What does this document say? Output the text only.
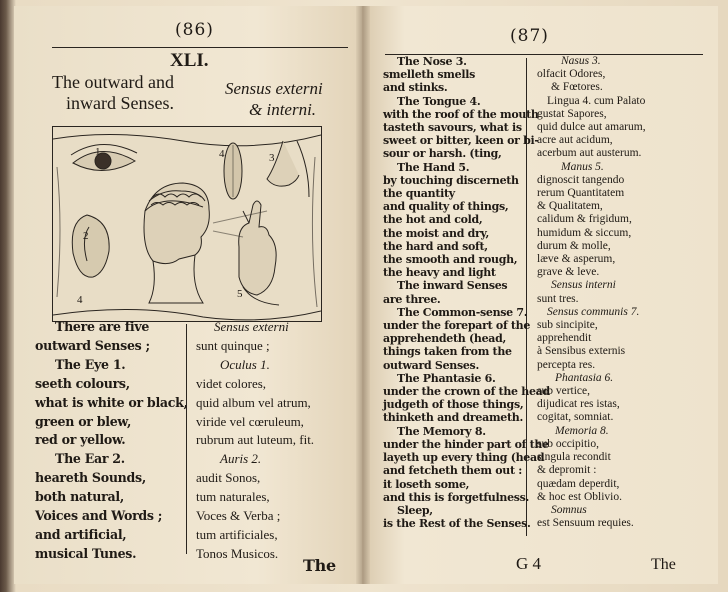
(86)
XLI.
The outward and
inward Senses.
Sensus externi
& interni.
1
2
3
4
4	5
There are five
outward Senses ;
The Eye 1.
seeth colours,
what is white or black,
green or blew,
red or yellow.
The Ear 2.
heareth Sounds,
both natural,
Voices and Words ;
and artificial,
musical Tunes.
Sensus externi
sunt quinque ;
Oculus 1.
videt colores,
quid album vel atrum,
viride vel cœruleum,
rubrum aut luteum, fit.
Auris 2.
audit Sonos,
tum naturales,
Voces & Verba ;
tum artificiales,
Tonos Musicos.
The
(87)
The Nose 3.
smelleth smells
and stinks.
The Tongue 4.
with the roof of the mouth
tasteth savours, what is
sweet or bitter, keen or bi-
sour or harsh. (ting,
The Hand 5.
by touching discerneth
the quantity
and quality of things,
the hot and cold,
the moist and dry,
the hard and soft,
the smooth and rough,
the heavy and light
The inward Senses
are three.
The Common-sense 7.
under the forepart of the
apprehendeth (head,
things taken from the
outward Senses.
The Phantasie 6.
under the crown of the head
judgeth of those things,
thinketh and dreameth.
The Memory 8.
under the hinder part of the
layeth up every thing (head
and fetcheth them out :
it loseth some,
and this is forgetfulness.
Sleep,
is the Rest of the Senses.
Nasus 3.
olfacit Odores,
& Fœtores.
Lingua 4. cum Palato
gustat Sapores,
quid dulce aut amarum,
acre aut acidum,
acerbum aut austerum.
Manus 5.
dignoscit tangendo
rerum Quantitatem
& Qualitatem,
calidum & frigidum,
humidum & siccum,
durum & molle,
læve & asperum,
grave & leve.
Sensus interni
sunt tres.
Sensus communis 7.
sub sincipite,
apprehendit
à Sensibus externis
percepta res.
Phantasia 6.
sub vertice,
dijudicat res istas,
cogitat, somniat.
Memoria 8.
sub occipitio,
singula recondit
& depromit :
quædam deperdit,
& hoc est Oblivio.
Somnus
est Sensuum requies.
G 4	The
